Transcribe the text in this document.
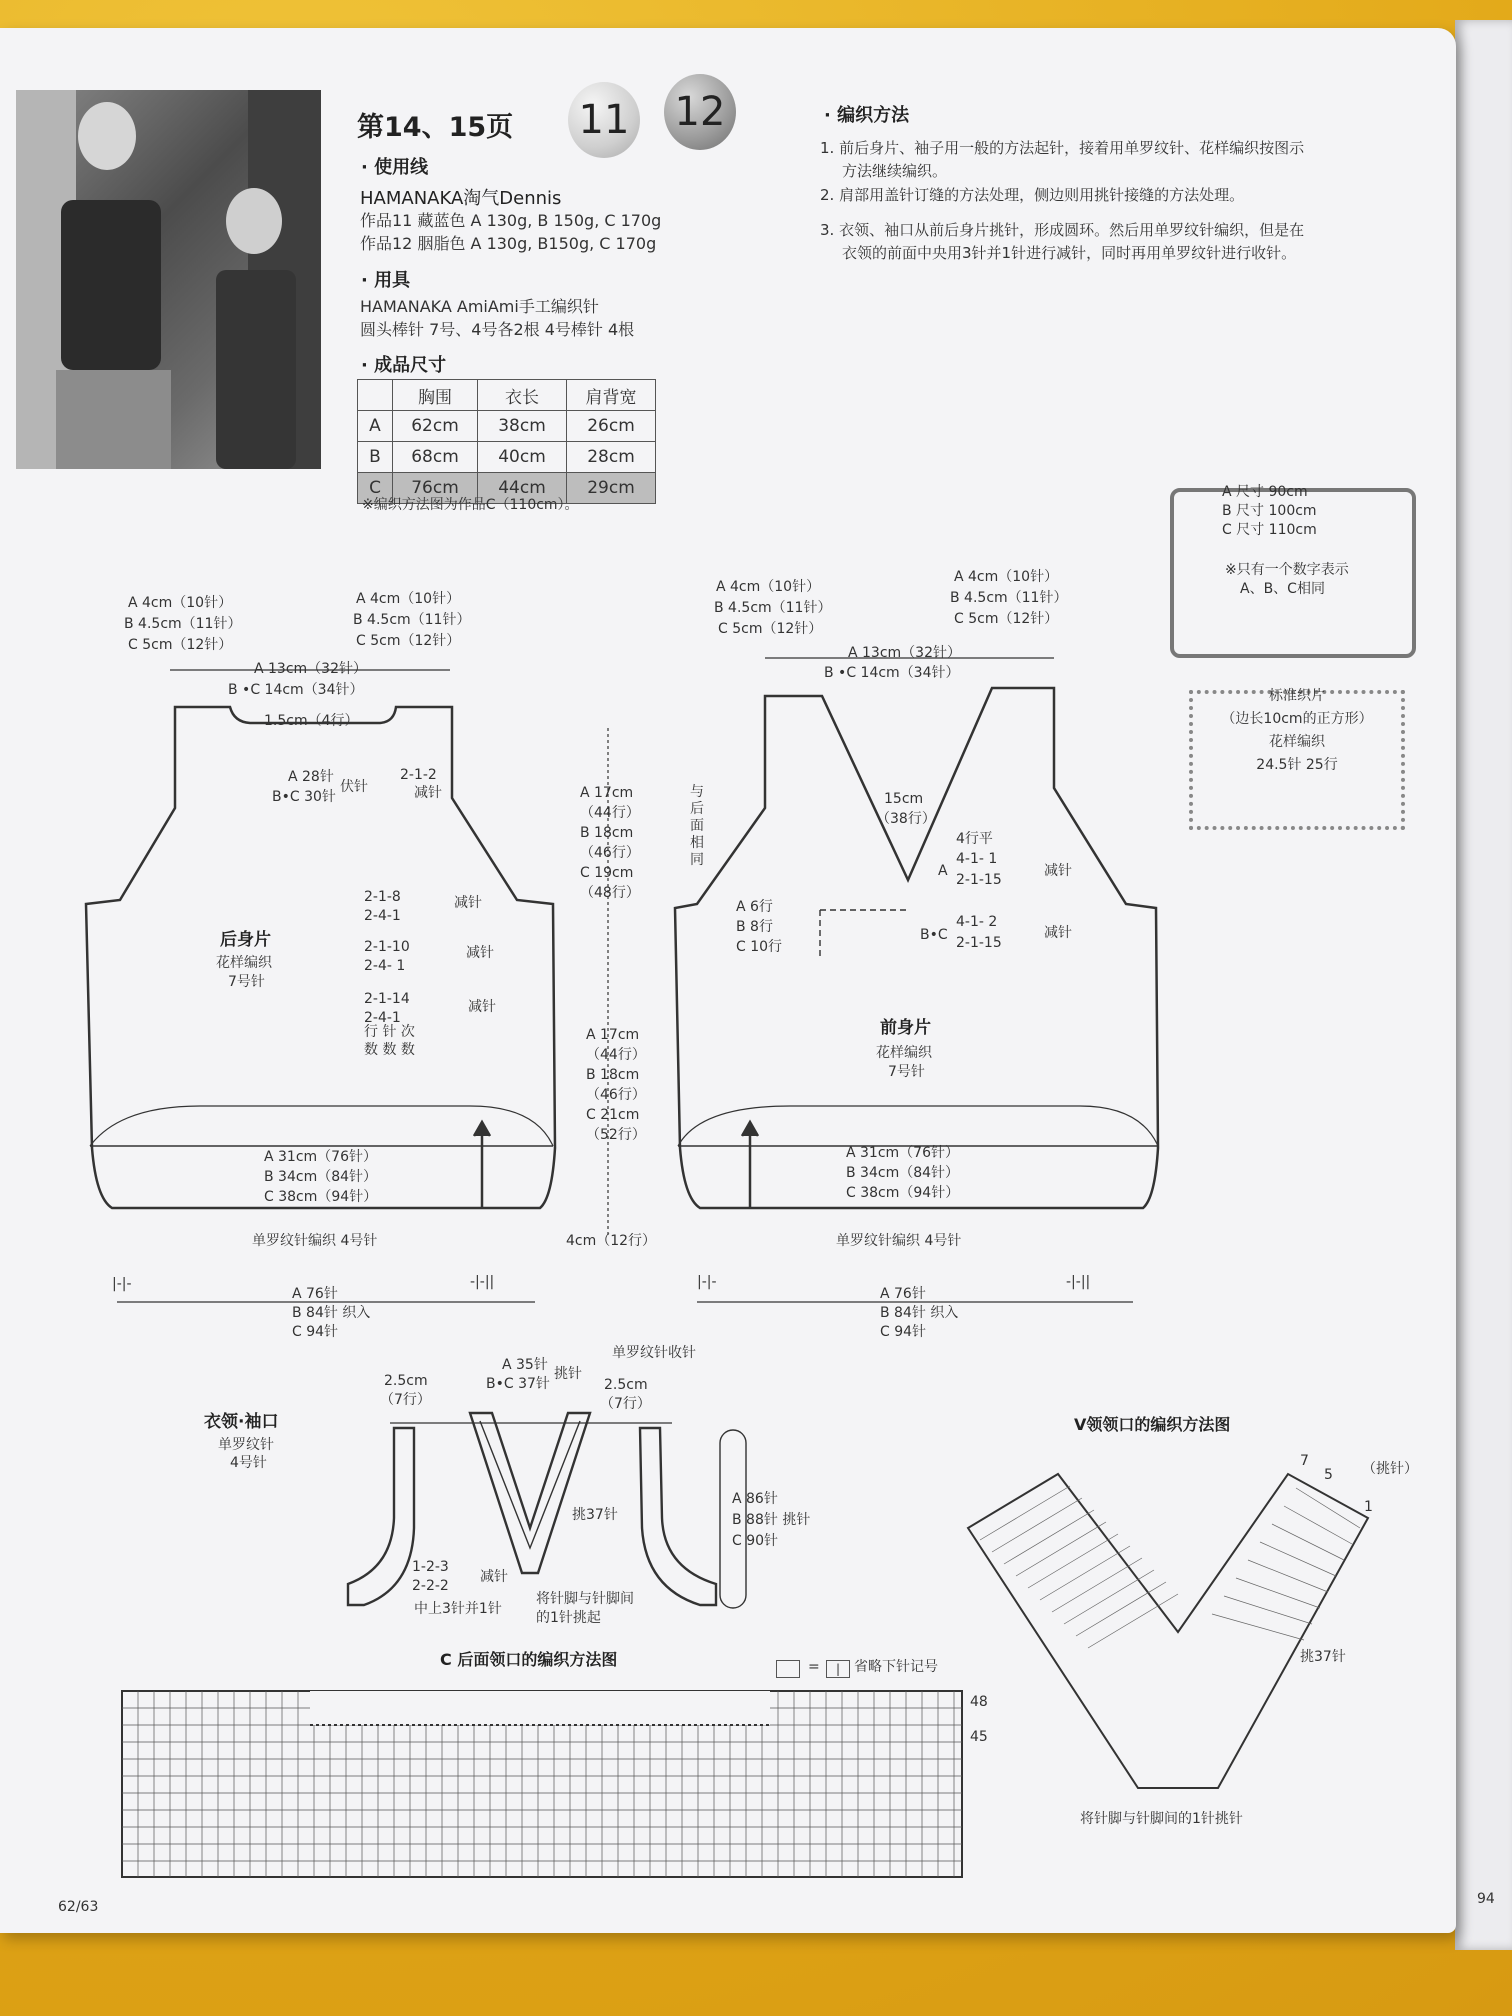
94
第14、15页 11 12
· 使用线
HAMANAKA淘气Dennis
作品11 藏蓝色 A 130g, B 150g, C 170g
作品12 胭脂色 A 130g, B150g, C 170g
· 用具
HAMANAKA AmiAmi手工编织针
圆头棒针 7号、4号各2根 4号棒针 4根
· 成品尺寸
	胸围	衣长	肩背宽
A	62cm	38cm	26cm
B	68cm	40cm	28cm
C	76cm	44cm	29cm
※编织方法图为作品C（110cm）。
· 编织方法
1. 前后身片、袖子用一般的方法起针，接着用单罗纹针、花样编织按图示
方法继续编织。
2. 肩部用盖针订缝的方法处理，侧边则用挑针接缝的方法处理。
3. 衣领、袖口从前后身片挑针，形成圆环。然后用单罗纹针编织，但是在
衣领的前面中央用3针并1针进行减针，同时再用单罗纹针进行收针。
A 尺寸 90cm
B 尺寸 100cm
C 尺寸 110cm
※只有一个数字表示
A、B、C相同
标准织片
（边长10cm的正方形）
花样编织
24.5针 25行
A 4cm（10针）
B 4.5cm（11针）
C 5cm（12针）
A 4cm（10针）
B 4.5cm（11针）
C 5cm（12针）
A 13cm（32针）
B •C 14cm（34针）
1.5cm（4行）
A 28针
B•C 30针
伏针
2-1-2
减针
2-1-8
2-4-1
2-1-10
2-4- 1
2-1-14
2-4-1
减针
减针
减针
行 针 次
数 数 数
后身片
花样编织
7号针
A 31cm（76针）
B 34cm（84针）
C 38cm（94针）
单罗纹针编织 4号针
|-|-	-|-||
A 76针
B 84针 织入
C 94针
A 17cm
（44行）
B 18cm
（46行）
C 19cm
（48行）
A 17cm
（44行）
B 18cm
（46行）
C 21cm
（52行）
4cm（12行）
A 4cm（10针）
B 4.5cm（11针）
C 5cm（12针）
A 4cm（10针）
B 4.5cm（11针）
C 5cm（12针）
A 13cm（32针）
B •C 14cm（34针）
15cm
（38行）
与后面相同
A 6行
B 8行
C 10行
4行平
A
4-1- 1
2-1-15
减针
B•C
4-1- 2
2-1-15
减针
前身片
花样编织
7号针
A 31cm（76针）
B 34cm（84针）
C 38cm（94针）
单罗纹针编织 4号针
|-|-	-|-||
A 76针
B 84针 织入
C 94针
衣领·袖口
单罗纹针
4号针
2.5cm
（7行）
2.5cm
（7行）
A 35针
B•C 37针
挑针
单罗纹针收针
挑37针
1-2-3
2-2-2
减针
中上3针并1针
将针脚与针脚间
的1针挑起
A 86针
B 88针 挑针
C 90针
C 后面领口的编织方法图	=	| 省略下针记号
48
45
V领领口的编织方法图
7
5
1
（挑针）
挑37针
将针脚与针脚间的1针挑针
62/63
